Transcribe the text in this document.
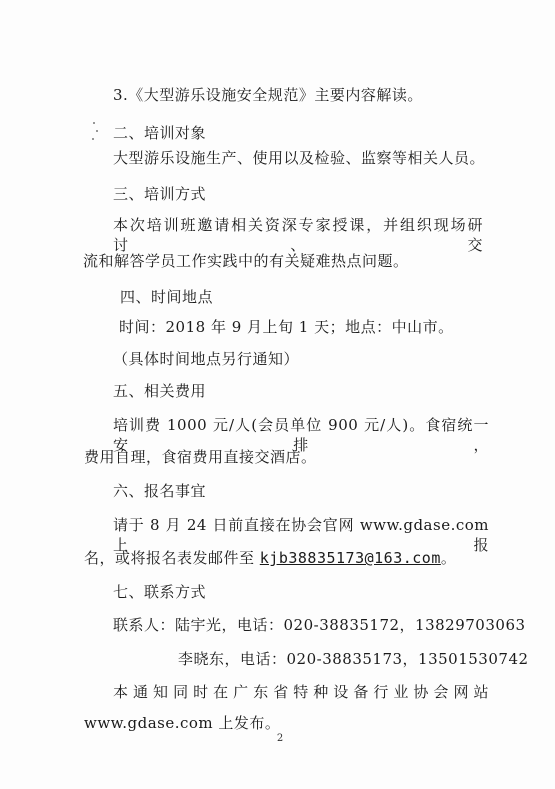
3.《大型游乐设施安全规范》主要内容解读。
二、培训对象
大型游乐设施生产、使用以及检验、监察等相关人员。
三、培训方式
本次培训班邀请相关资深专家授课，并组织现场研讨、交
流和解答学员工作实践中的有关疑难热点问题。
四、时间地点
时间：2018 年 9 月上旬 1 天；地点：中山市。
（具体时间地点另行通知）
五、相关费用
培训费 1000 元/人(会员单位 900 元/人)。食宿统一安排，
费用自理，食宿费用直接交酒店。
六、报名事宜
请于 8 月 24 日前直接在协会官网 www.gdase.com 上报
名，或将报名表发邮件至 kjb38835173@163.com。
七、联系方式
联系人：陆宇光，电话：020-38835172，13829703063
李晓东，电话：020-38835173，13501530742
本通知同时在广东省特种设备行业协会网站
www.gdase.com 上发布。
2
